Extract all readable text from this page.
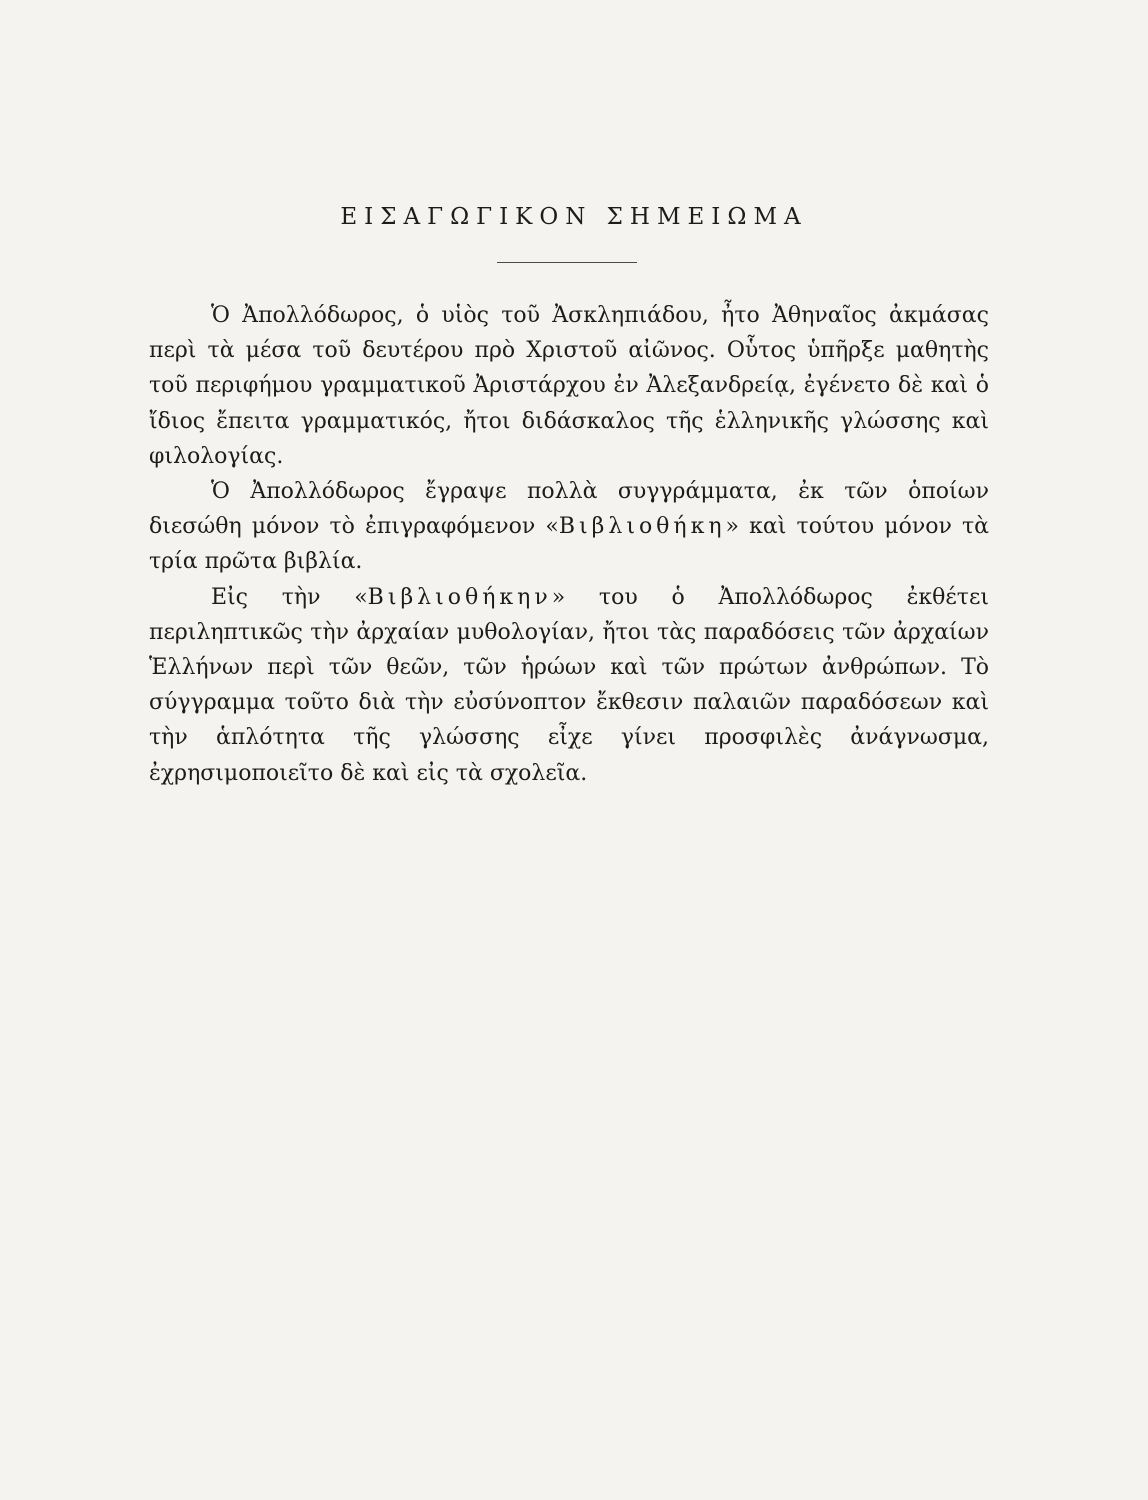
ΕΙΣΑΓΩΓΙΚΟΝ ΣΗΜΕΙΩΜΑ

Ὁ Ἀπολλόδωρος, ὁ υἱὸς τοῦ Ἀσκληπιάδου, ἦτο Ἀθηναῖος ἀκμάσας περὶ τὰ μέσα τοῦ δευτέρου πρὸ Χριστοῦ αἰῶνος. Οὗτος ὑπῆρξε μαθητὴς τοῦ περιφήμου γραμματικοῦ Ἀριστάρχου ἐν Ἀλεξανδρείᾳ, ἐγένετο δὲ καὶ ὁ ἴδιος ἔπειτα γραμματικός, ἤτοι διδάσκαλος τῆς ἑλληνικῆς γλώσσης καὶ φιλολογίας.

Ὁ Ἀπολλόδωρος ἔγραψε πολλὰ συγγράμματα, ἐκ τῶν ὁποίων διεσώθη μόνον τὸ ἐπιγραφόμενον «Βιβλιοθήκη» καὶ τούτου μόνον τὰ τρία πρῶτα βιβλία.

Εἰς τὴν «Βιβλιοθήκην» του ὁ Ἀπολλόδωρος ἐκθέτει περιληπτικῶς τὴν ἀρχαίαν μυθολογίαν, ἤτοι τὰς παραδόσεις τῶν ἀρχαίων Ἑλλήνων περὶ τῶν θεῶν, τῶν ἡρώων καὶ τῶν πρώτων ἀνθρώπων. Τὸ σύγγραμμα τοῦτο διὰ τὴν εὐσύνοπτον ἔκθεσιν παλαιῶν παραδόσεων καὶ τὴν ἁπλότητα τῆς γλώσσης εἶχε γίνει προσφιλὲς ἀνάγνωσμα, ἐχρησιμοποιεῖτο δὲ καὶ εἰς τὰ σχολεῖα.
